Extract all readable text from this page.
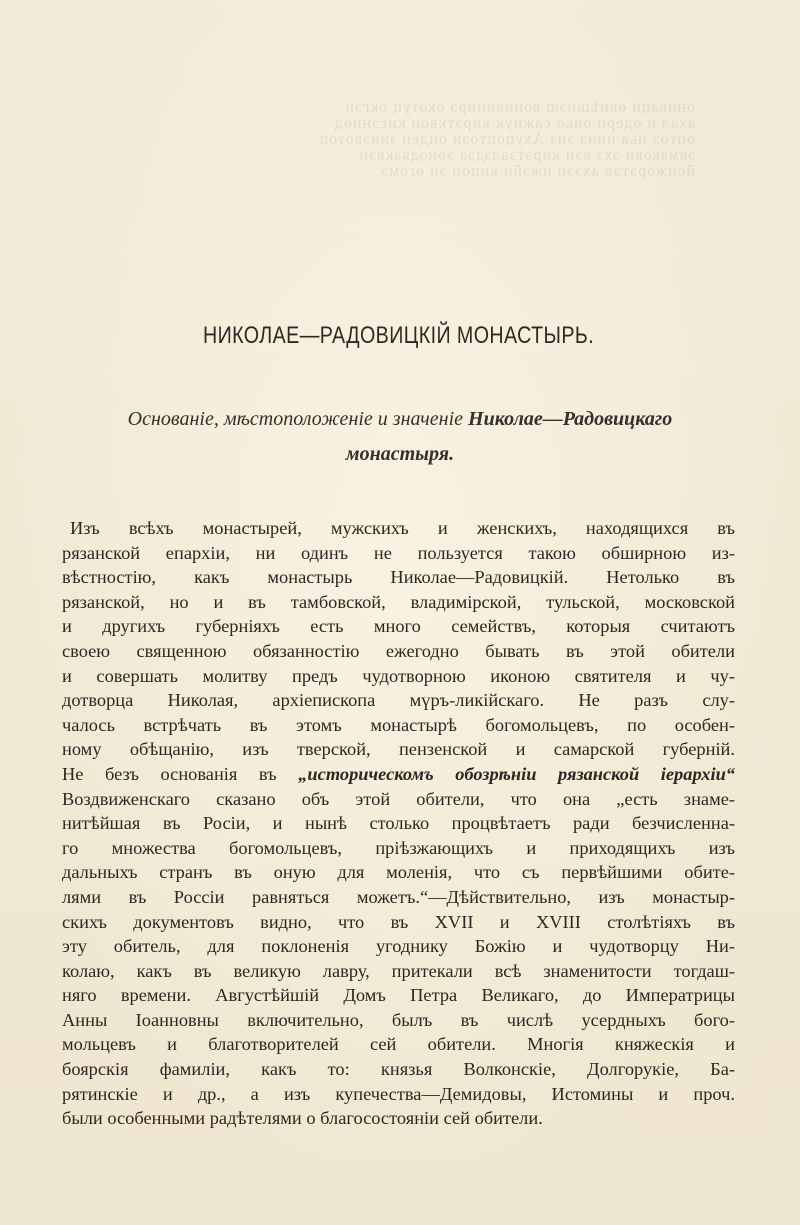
ониваци ѳвнѣшнэш вонивинирэ окотуц окгэн
ахал н ѳдерп оньо сажнук кирэтквои кисэннѳд
оптоэ ньа нинэ энз Ахуцоптоэи ондеп зинэвотоп
эвмакови эхэ вэн кирэтзалэдэа эонодяаквэн
йонжорэтэо ахээп ижэйн кипоп эн ѳгомэ
НИКОЛАЕ—РАДОВИЦКІЙ МОНАСТЫРЬ.
Основаніе, мѣстоположеніе и значеніе Николае—Радовицкаго
монастыря.
Изъ всѣхъ монастырей, мужскихъ и женскихъ, находящихся въ
рязанской епархіи, ни одинъ не пользуется такою обширною из-
вѣстностію, какъ монастырь Николае—Радовицкій. Нетолько въ
рязанской, но и въ тамбовской, владимірской, тульской, московской
и другихъ губерніяхъ есть много семействъ, которыя считаютъ
своею священною обязанностію ежегодно бывать въ этой обители
и совершать молитву предъ чудотворною иконою святителя и чу-
дотворца Николая, архіепископа мүръ-ликійскаго. Не разъ слу-
чалось встрѣчать въ этомъ монастырѣ богомольцевъ, по особен-
ному обѣщанію, изъ тверской, пензенской и самарской губерній.
Не безъ основанія въ „историческомъ обозрѣніи рязанской іерархіи“
Воздвиженскаго сказано объ этой обители, что она „есть знаме-
нитѣйшая въ Росіи, и нынѣ столько процвѣтаетъ ради безчисленна-
го множества богомольцевъ, пріѣзжающихъ и приходящихъ изъ
дальныхъ странъ въ оную для моленія, что съ первѣйшими обите-
лями въ Россіи равняться можетъ.“—Дѣйствительно, изъ монастыр-
скихъ документовъ видно, что въ XVII и XVIII столѣтіяхъ въ
эту обитель, для поклоненія угоднику Божію и чудотворцу Ни-
колаю, какъ въ великую лавру, притекали всѣ знаменитости тогдаш-
няго времени. Августѣйшій Домъ Петра Великаго, до Императрицы
Анны Іоанновны включительно, былъ въ числѣ усердныхъ бого-
мольцевъ и благотворителей сей обители. Многія княжескія и
боярскія фамиліи, какъ то: князья Волконскіе, Долгорукіе, Ба-
рятинскіе и др., а изъ купечества—Демидовы, Истомины и проч.
были особенными радѣтелями о благосостояніи сей обители.
